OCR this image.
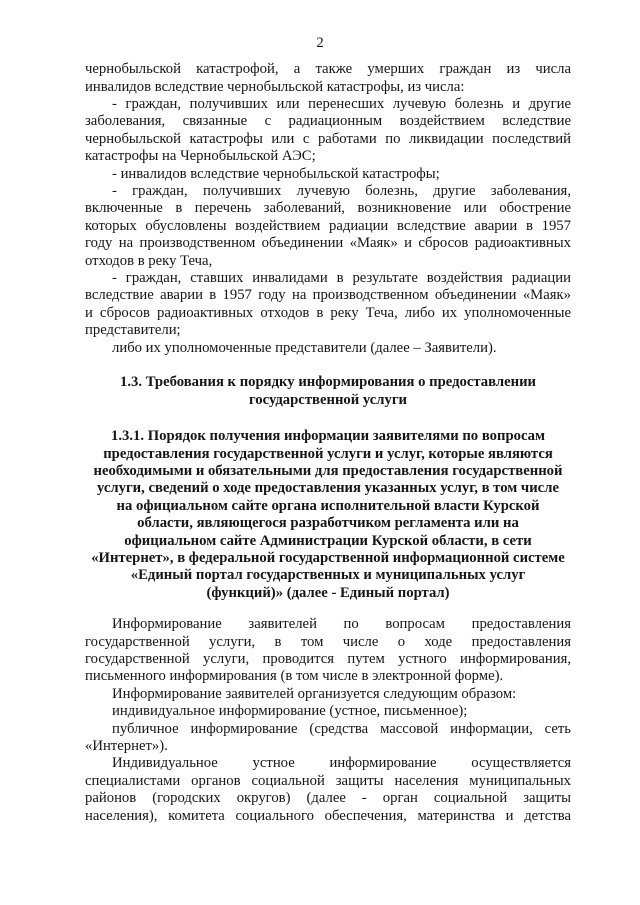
2
чернобыльской катастрофой, а также умерших граждан из числа
инвалидов вследствие чернобыльской катастрофы, из числа:
- граждан, получивших или перенесших лучевую болезнь и другие
заболевания, связанные с радиационным воздействием вследствие
чернобыльской катастрофы или с работами по ликвидации последствий
катастрофы на Чернобыльской АЭС;
- инвалидов вследствие чернобыльской катастрофы;
- граждан, получивших лучевую болезнь, другие заболевания,
включенные в перечень заболеваний, возникновение или обострение
которых обусловлены воздействием радиации вследствие аварии в 1957
году на производственном объединении «Маяк» и сбросов радиоактивных
отходов в реку Теча,
- граждан, ставших инвалидами в результате воздействия радиации
вследствие аварии в 1957 году на производственном объединении «Маяк»
и сбросов радиоактивных отходов в реку Теча, либо их уполномоченные
представители;
либо их уполномоченные представители (далее – Заявители).
1.3. Требования к порядку информирования о предоставлении
государственной услуги
1.3.1. Порядок получения информации заявителями по вопросам
предоставления государственной услуги и услуг, которые являются
необходимыми и обязательными для предоставления государственной
услуги, сведений о ходе предоставления указанных услуг, в том числе
на официальном сайте органа исполнительной власти Курской
области, являющегося разработчиком регламента или на
официальном сайте Администрации Курской области, в сети
«Интернет», в федеральной государственной информационной системе
«Единый портал государственных и муниципальных услуг
(функций)» (далее - Единый портал)
Информирование заявителей по вопросам предоставления
государственной услуги, в том числе о ходе предоставления
государственной услуги, проводится путем устного информирования,
письменного информирования (в том числе в электронной форме).
Информирование заявителей организуется следующим образом:
индивидуальное информирование (устное, письменное);
публичное информирование (средства массовой информации, сеть
«Интернет»).
Индивидуальное устное информирование осуществляется
специалистами органов социальной защиты населения муниципальных
районов (городских округов) (далее - орган социальной защиты
населения), комитета социального обеспечения, материнства и детства
